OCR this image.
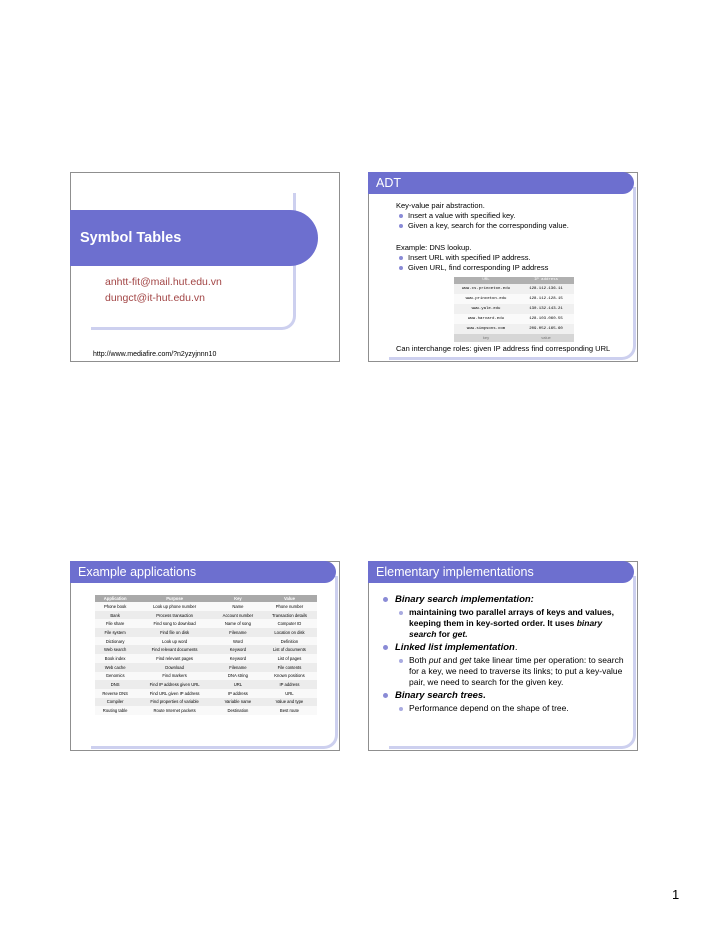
Symbol Tables
anhtt-fit@mail.hut.edu.vn
dungct@it-hut.edu.vn
http://www.mediafire.com/?n2yzyjnnn10
ADT
Key-value pair abstraction.
Insert a value with specified key.
Given a key, search for the corresponding value.
Example: DNS lookup.
Insert URL with specified IP address.
Given URL, find corresponding IP address
URL	IP address
www.cs.princeton.edu	128.112.136.11
www.princeton.edu	128.112.128.15
www.yale.edu	130.132.143.21
www.harvard.edu	128.103.060.55
www.simpsons.com	209.052.165.60
key	value
Can interchange roles: given IP address find corresponding URL
Example applications
Application	Purpose	Key	Value
Phone book	Look up phone number	Name	Phone number
Bank	Process transaction	Account number	Transaction details
File share	Find song to download	Name of song	Computer ID
File system	Find file on disk	Filename	Location on disk
Dictionary	Look up word	Word	Definition
Web search	Find relevant documents	Keyword	List of documents
Book index	Find relevant pages	Keyword	List of pages
Web cache	Download	Filename	File contents
Genomics	Find markers	DNA string	Known positions
DNS	Find IP address given URL	URL	IP address
Reverse DNS	Find URL given IP address	IP address	URL
Compiler	Find properties of variable	Variable name	Value and type
Routing table	Route Internet packets	Destination	Best route
Elementary implementations
Binary search implementation:
maintaining two parallel arrays of keys and values, keeping them in key-sorted order. It uses binary search for get.
Linked list implementation.
Both put and get take linear time per operation: to search for a key, we need to traverse its links; to put a key-value pair, we need to search for the given key.
Binary search trees.
Performance depend on the shape of tree.
1
